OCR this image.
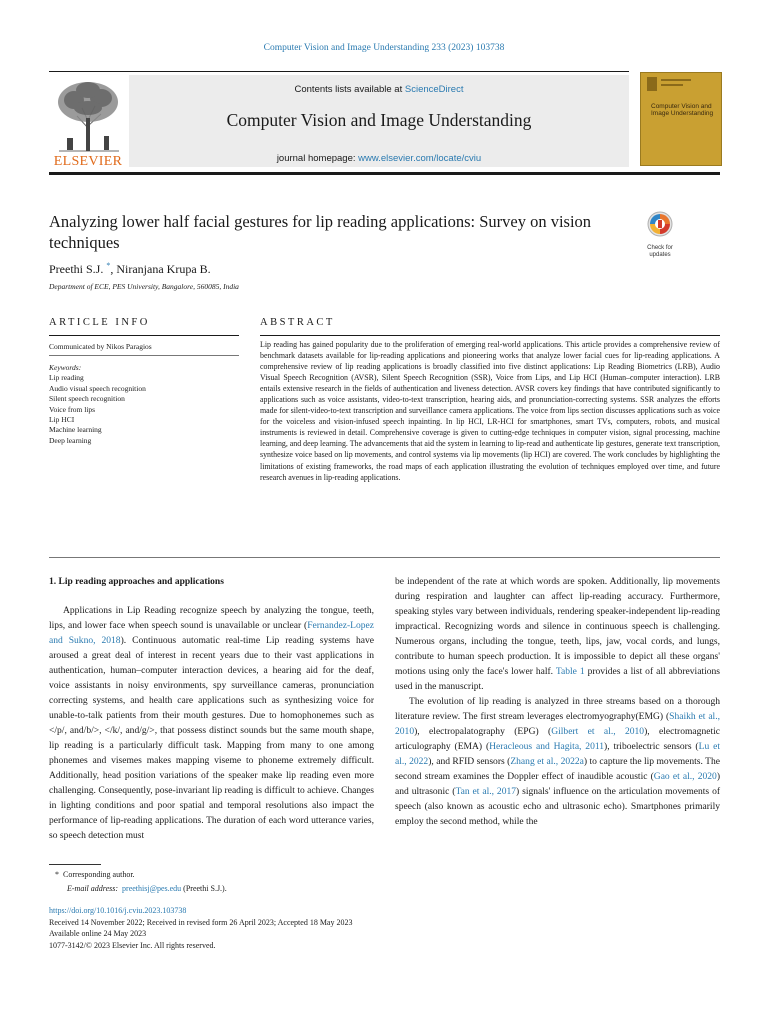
Computer Vision and Image Understanding 233 (2023) 103738
ELSEVIER
Contents lists available at ScienceDirect
Computer Vision and Image Understanding
journal homepage: www.elsevier.com/locate/cviu
Computer Vision and Image Understanding
Analyzing lower half facial gestures for lip reading applications: Survey on vision techniques	Check for
updates
Preethi S.J. *, Niranjana Krupa B.
Department of ECE, PES University, Bangalore, 560085, India
ARTICLE INFO	ABSTRACT
Communicated by Nikos Paragios
Keywords:
Lip reading
Audio visual speech recognition
Silent speech recognition
Voice from lips
Lip HCI
Machine learning
Deep learning
Lip reading has gained popularity due to the proliferation of emerging real-world applications. This article provides a comprehensive review of benchmark datasets available for lip-reading applications and pioneering works that analyze lower facial cues for lip-reading applications. A comprehensive review of lip reading applications is broadly classified into five distinct applications: Lip Reading Biometrics (LRB), Audio Visual Speech Recognition (AVSR), Silent Speech Recognition (SSR), Voice from Lips, and Lip HCI (Human–computer interaction). LRB entails extensive research in the fields of authentication and liveness detection. AVSR covers key findings that have contributed significantly to applications such as voice assistants, video-to-text transcription, hearing aids, and pronunciation-correcting systems. SSR analyzes the efforts made for silent-video-to-text transcription and surveillance camera applications. The voice from lips section discusses applications such as voice for the voiceless and vision-infused speech inpainting. In lip HCI, LR-HCI for smartphones, smart TVs, computers, robots, and musical instruments is reviewed in detail. Comprehensive coverage is given to cutting-edge techniques in computer vision, signal processing, machine learning, and deep learning. The advancements that aid the system in learning to lip-read and authenticate lip gestures, generate text transcription, synthesize voice based on lip movements, and control systems via lip movements (lip HCI) are covered. The work concludes by highlighting the limitations of existing frameworks, the road maps of each application illustrating the evolution of techniques employed over time, and future research avenues in lip-reading applications.
1. Lip reading approaches and applications

Applications in Lip Reading recognize speech by analyzing the tongue, teeth, lips, and lower face when speech sound is unavailable or unclear (Fernandez-Lopez and Sukno, 2018). Continuous automatic real-time Lip reading systems have aroused a great deal of interest in recent years due to their vast applications in authentication, human–computer interaction devices, a hearing aid for the deaf, voice assistants in noisy environments, spy surveillance cameras, pronunciation correcting systems, and health care applications such as synthesizing voice for unable-to-talk patients from their mouth gestures. Due to homophonemes such as </p/, and/b/>, </k/, and/g/>, that possess distinct sounds but the same mouth shape, lip reading is a particularly difficult task. Mapping from many to one among phonemes and visemes makes mapping viseme to phoneme extremely difficult. Additionally, head position variations of the speaker make lip reading even more challenging. Consequently, pose-invariant lip reading is difficult to achieve. Changes in lighting conditions and poor spatial and temporal resolutions also impact the performance of lip-reading applications. The duration of each word utterance varies, so speech detection must

be independent of the rate at which words are spoken. Additionally, lip movements during respiration and laughter can affect lip-reading accuracy. Furthermore, speaking styles vary between individuals, rendering speaker-independent lip-reading impractical. Recognizing words and silence in continuous speech is challenging. Numerous organs, including the tongue, teeth, lips, jaw, vocal cords, and lungs, contribute to human speech production. It is impossible to depict all these organs' motions using only the face's lower half. Table 1 provides a list of all abbreviations used in the manuscript.

The evolution of lip reading is analyzed in three streams based on a thorough literature review. The first stream leverages electromyography(EMG) (Shaikh et al., 2010), electropalatography (EPG) (Gilbert et al., 2010), electromagnetic articulography (EMA) (Heracleous and Hagita, 2011), triboelectric sensors (Lu et al., 2022), and RFID sensors (Zhang et al., 2022a) to capture the lip movements. The second stream examines the Doppler effect of inaudible acoustic (Gao et al., 2020) and ultrasonic (Tan et al., 2017) signals' influence on the articulation movements of speech (also known as acoustic echo and ultrasonic echo). Smartphones primarily employ the second method, while the

* Corresponding author.
E-mail address: preethisj@pes.edu (Preethi S.J.).
https://doi.org/10.1016/j.cviu.2023.103738
Received 14 November 2022; Received in revised form 26 April 2023; Accepted 18 May 2023
Available online 24 May 2023
1077-3142/© 2023 Elsevier Inc. All rights reserved.
